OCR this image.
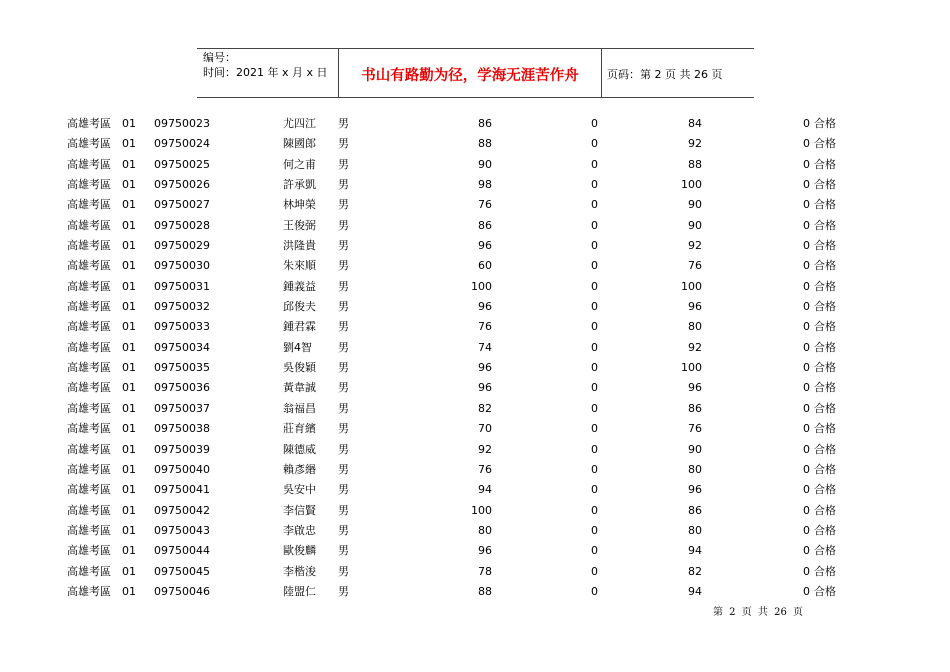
编号：
时间：2021 年 x 月 x 日	书山有路勤为径，学海无涯苦作舟	页码：第 2 页 共 26 页
高雄考區 01 09750023	尤四江 男	86	0	84	0 合格
高雄考區 01 09750024	陳國郎 男	88	0	92	0 合格
高雄考區 01 09750025	何之甫 男	90	0	88	0 合格
高雄考區 01 09750026	許承凱 男	98	0	100	0 合格
高雄考區 01 09750027	林坤榮 男	76	0	90	0 合格
高雄考區 01 09750028	王俊弼 男	86	0	90	0 合格
高雄考區 01 09750029	洪隆貴 男	96	0	92	0 合格
高雄考區 01 09750030	朱來順 男	60	0	76	0 合格
高雄考區 01 09750031	鍾義益 男	100	0	100	0 合格
高雄考區 01 09750032	邱俊夫 男	96	0	96	0 合格
高雄考區 01 09750033	鍾君霖 男	76	0	80	0 合格
高雄考區 01 09750034	劉4智 男	74	0	92	0 合格
高雄考區 01 09750035	吳俊穎 男	96	0	100	0 合格
高雄考區 01 09750036	黃韋誠 男	96	0	96	0 合格
高雄考區 01 09750037	翁福昌 男	82	0	86	0 合格
高雄考區 01 09750038	莊育繽 男	70	0	76	0 合格
高雄考區 01 09750039	陳德威 男	92	0	90	0 合格
高雄考區 01 09750040	賴彥緡 男	76	0	80	0 合格
高雄考區 01 09750041	吳安中 男	94	0	96	0 合格
高雄考區 01 09750042	李信賢 男	100	0	86	0 合格
高雄考區 01 09750043	李啟忠 男	80	0	80	0 合格
高雄考區 01 09750044	歐俊麟 男	96	0	94	0 合格
高雄考區 01 09750045	李楷浚 男	78	0	82	0 合格
高雄考區 01 09750046	陸盟仁 男	88	0	94	0 合格
第 2 页 共 26 页
